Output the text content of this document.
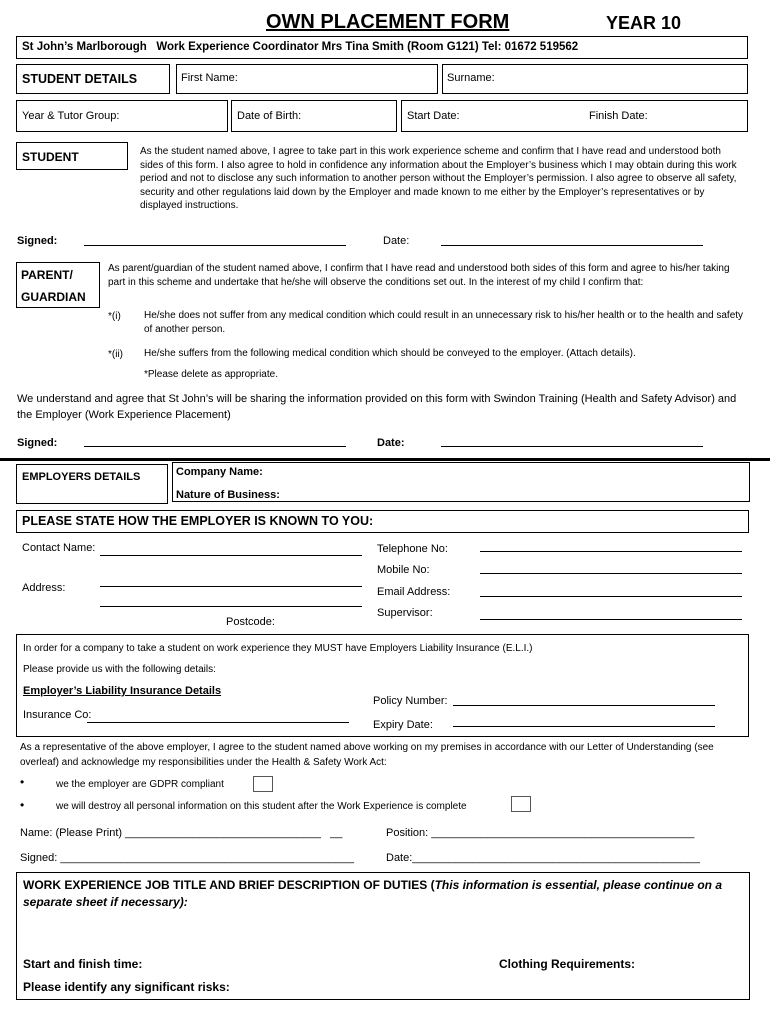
OWN PLACEMENT FORM	YEAR 10
St John’s Marlborough   Work Experience Coordinator Mrs Tina Smith (Room G121) Tel: 01672 519562
STUDENT DETAILS	First Name:	Surname:
Year & Tutor Group:	Date of Birth:	Start Date:	Finish Date:
STUDENT	As the student named above, I agree to take part in this work experience scheme and confirm that I have read and understood both sides of this form. I also agree to hold in confidence any information about the Employer’s business which I may obtain during this work period and not to disclose any such information to another person without the Employer’s permission. I also agree to observe all safety, security and other regulations laid down by the Employer and made known to me either by the Employer’s representatives or by displayed instructions.
Signed:	Date:
PARENT/
GUARDIAN
As parent/guardian of the student named above, I confirm that I have read and understood both sides of this form and agree to his/her taking part in this scheme and undertake that he/she will observe the conditions set out. In the interest of my child I confirm that:
*(i) He/she does not suffer from any medical condition which could result in an unnecessary risk to his/her health or to the health and safety of another person.
*(ii) He/she suffers from the following medical condition which should be conveyed to the employer. (Attach details).
*Please delete as appropriate.
We understand and agree that St John’s will be sharing the information provided on this form with Swindon Training (Health and Safety Advisor) and the Employer (Work Experience Placement)
Signed:	Date:
EMPLOYERS DETAILS	Company Name:
Nature of Business:
PLEASE STATE HOW THE EMPLOYER IS KNOWN TO YOU:
Contact Name:	Telephone No:
Mobile No:
Address:	Email Address:
Supervisor:
Postcode:
In order for a company to take a student on work experience they MUST have Employers Liability Insurance (E.L.I.)
Please provide us with the following details:
Employer’s Liability Insurance Details
Policy Number:
Insurance Co:
Expiry Date:
As a representative of the above employer, I agree to the student named above working on my premises in accordance with our Letter of Understanding (see overleaf) and acknowledge my responsibilities under the Health & Safety Work Act:
•	we the employer are GDPR compliant
•	we will destroy all personal information on this student after the Work Experience is complete
Name: (Please Print) ________________________________   __	Position: ___________________________________________
Signed: ________________________________________________	Date:_______________________________________________
WORK EXPERIENCE JOB TITLE AND BRIEF DESCRIPTION OF DUTIES (This information is essential, please continue on a separate sheet if necessary):
Start and finish time:	Clothing Requirements:
Please identify any significant risks:
